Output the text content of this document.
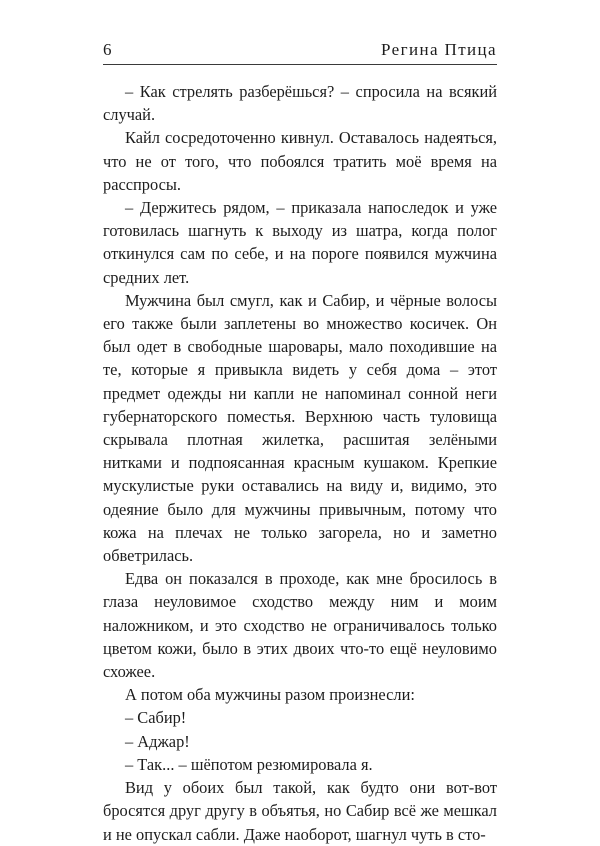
6	Регина Птица

– Как стрелять разберёшься? – спросила на всякий случай.

Кайл сосредоточенно кивнул. Оставалось надеяться, что не от того, что побоялся тратить моё время на расспросы.

– Держитесь рядом, – приказала напоследок и уже готовилась шагнуть к выходу из шатра, когда полог откинулся сам по себе, и на пороге появился мужчина средних лет.

Мужчина был смугл, как и Сабир, и чёрные волосы его также были заплетены во множество косичек. Он был одет в свободные шаровары, мало походившие на те, которые я привыкла видеть у себя дома – этот предмет одежды ни капли не напоминал сонной неги губернаторского поместья. Верхнюю часть туловища скрывала плотная жилетка, расшитая зелёными нитками и подпоясанная красным кушаком. Крепкие мускулистые руки оставались на виду и, видимо, это одеяние было для мужчины привычным, потому что кожа на плечах не только загорела, но и заметно обветрилась.

Едва он показался в проходе, как мне бросилось в глаза неуловимое сходство между ним и моим наложником, и это сходство не ограничивалось только цветом кожи, было в этих двоих что-то ещё неуловимо схожее.

А потом оба мужчины разом произнесли:

– Сабир!

– Аджар!

– Так... – шёпотом резюмировала я.

Вид у обоих был такой, как будто они вот-вот бросятся друг другу в объятья, но Сабир всё же мешкал и не опускал сабли. Даже наоборот, шагнул чуть в сто-
